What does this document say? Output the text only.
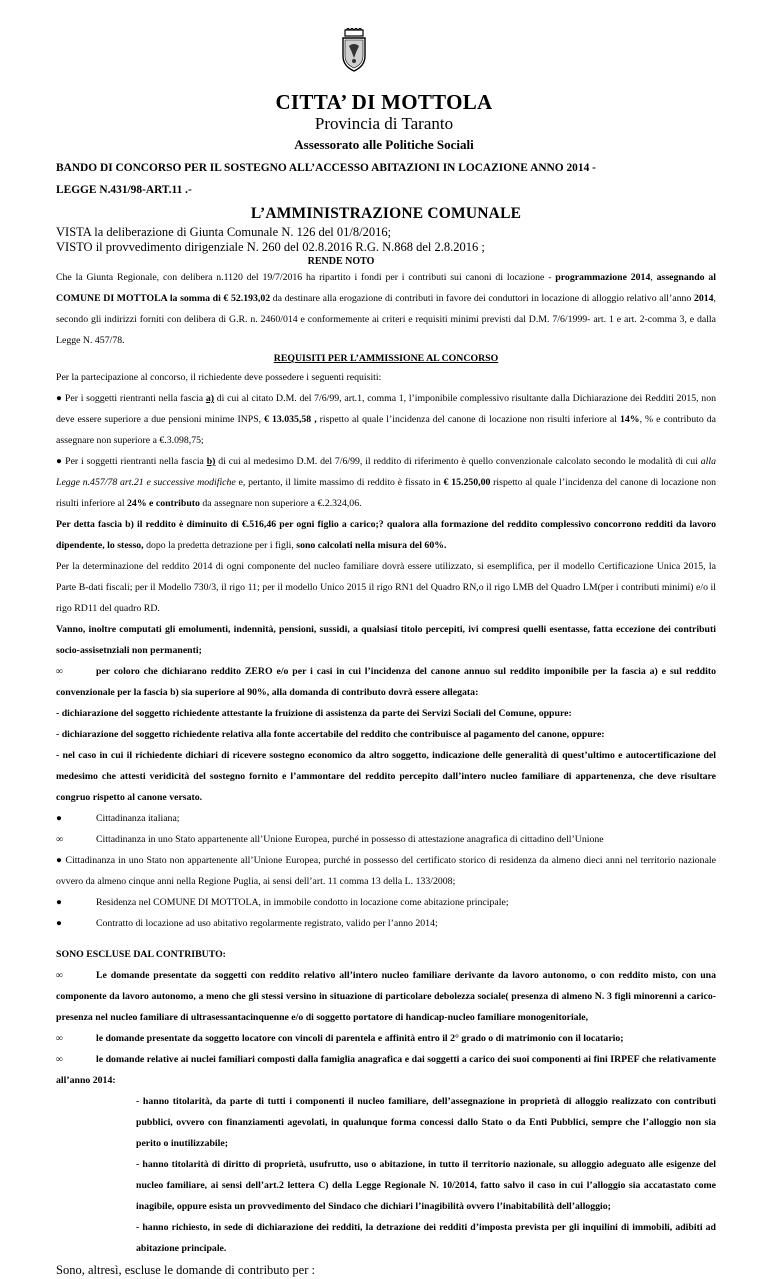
CITTA’ DI MOTTOLA
Provincia di Taranto
Assessorato alle Politiche Sociali

BANDO DI CONCORSO PER IL SOSTEGNO ALL’ACCESSO ABITAZIONI IN LOCAZIONE ANNO 2014 -

LEGGE N.431/98-ART.11 .-

L’AMMINISTRAZIONE COMUNALE

VISTA la deliberazione di Giunta Comunale N. 126 del 01/8/2016;

VISTO il provvedimento dirigenziale N. 260 del 02.8.2016 R.G. N.868 del 2.8.2016 ;

RENDE NOTO

Che la Giunta Regionale, con delibera n.1120 del 19/7/2016 ha ripartito i fondi per i contributi sui canoni di locazione - programmazione 2014, assegnando al COMUNE DI MOTTOLA la somma di € 52.193,02 da destinare alla erogazione di contributi in favore dei conduttori in locazione di alloggio relativo all’anno 2014, secondo gli indirizzi forniti con delibera di G.R. n. 2460/014 e conformemente ai criteri e requisiti minimi previsti dal D.M. 7/6/1999- art. 1 e art. 2-comma 3, e dalla Legge N. 457/78.

REQUISITI PER L’AMMISSIONE AL CONCORSO

Per la partecipazione al concorso, il richiedente deve possedere i seguenti requisiti:

● Per i soggetti rientranti nella fascia a) di cui al citato D.M. del 7/6/99, art.1, comma 1, l’imponibile complessivo risultante dalla Dichiarazione dei Redditi 2015, non deve essere superiore a due pensioni minime INPS, € 13.035,58 , rispetto al quale l’incidenza del canone di locazione non risulti inferiore al 14%, % e contributo da assegnare non superiore a €.3.098,75;

● Per i soggetti rientranti nella fascia b) di cui al medesimo D.M. del 7/6/99, il reddito di riferimento è quello convenzionale calcolato secondo le modalità di cui alla Legge n.457/78 art.21 e successive modifiche e, pertanto, il limite massimo di reddito è fissato in € 15.250,00 rispetto al quale l’incidenza del canone di locazione non risulti inferiore al 24% e contributo da assegnare non superiore a €.2.324,06.

Per detta fascia b) il reddito è diminuito di €.516,46 per ogni figlio a carico;? qualora alla formazione del reddito complessivo concorrono redditi da lavoro dipendente, lo stesso, dopo la predetta detrazione per i figli, sono calcolati nella misura del 60%.

Per la determinazione del reddito 2014 di ogni componente del nucleo familiare dovrà essere utilizzato, si esemplifica, per il modello Certificazione Unica 2015, la Parte B-dati fiscali; per il Modello 730/3, il rigo 11; per il modello Unico 2015 il rigo RN1 del Quadro RN,o il rigo LMB del Quadro LM(per i contributi minimi) e/o il rigo RD11 del quadro RD.

Vanno, inoltre computati gli emolumenti, indennità, pensioni, sussidi, a qualsiasi titolo percepiti, ivi compresi quelli esentasse, fatta eccezione dei contributi socio-assisetnziali non permanenti;

∞	per coloro che dichiarano reddito ZERO e/o per i casi in cui l’incidenza del canone annuo sul reddito imponibile per la fascia a) e sul reddito convenzionale per la fascia b) sia superiore al 90%, alla domanda di contributo dovrà essere allegata:

- dichiarazione del soggetto richiedente attestante la fruizione di assistenza da parte dei Servizi Sociali del Comune, oppure:

- dichiarazione del soggetto richiedente relativa alla fonte accertabile del reddito che contribuisce al pagamento del canone, oppure:

- nel caso in cui il richiedente dichiari di ricevere sostegno economico da altro soggetto, indicazione delle generalità di quest’ultimo e autocertificazione del medesimo che attesti veridicità del sostegno fornito e l’ammontare del reddito percepito dall’intero nucleo familiare di appartenenza, che deve risultare congruo rispetto al canone versato.

●	Cittadinanza italiana;

∞	Cittadinanza in uno Stato appartenente all’Unione Europea, purché in possesso di attestazione anagrafica di cittadino dell’Unione

● Cittadinanza in uno Stato non appartenente all’Unione Europea, purché in possesso del certificato storico di residenza da almeno dieci anni nel territorio nazionale ovvero da almeno cinque anni nella Regione Puglia, ai sensi dell’art. 11 comma 13 della L. 133/2008;

●	Residenza nel COMUNE DI MOTTOLA, in immobile condotto in locazione come abitazione principale;

●	Contratto di locazione ad uso abitativo regolarmente registrato, valido per l’anno 2014;

SONO ESCLUSE DAL CONTRIBUTO:

∞	Le domande presentate da soggetti con reddito relativo all’intero nucleo familiare derivante da lavoro autonomo, o con reddito misto, con una componente da lavoro autonomo, a meno che gli stessi versino in situazione di particolare debolezza sociale( presenza di almeno N. 3 figli minorenni a carico- presenza nel nucleo familiare di ultrasessantacinquenne e/o di soggetto portatore di handicap-nucleo familiare monogenitoriale,

∞	le domande presentate da soggetto locatore con vincoli di parentela e affinità entro il 2° grado o di matrimonio con il locatario;

∞	le domande relative ai nuclei familiari composti dalla famiglia anagrafica e dai soggetti a carico dei suoi componenti ai fini IRPEF che relativamente all’anno 2014:

- hanno titolarità, da parte di tutti i componenti il nucleo familiare, dell’assegnazione in proprietà di alloggio realizzato con contributi pubblici, ovvero con finanziamenti agevolati, in qualunque forma concessi dallo Stato o da Enti Pubblici, sempre che l’alloggio non sia perito o inutilizzabile;

- hanno titolarità di diritto di proprietà, usufrutto, uso o abitazione, in tutto il territorio nazionale, su alloggio adeguato alle esigenze del nucleo familiare, ai sensi dell’art.2 lettera C) della Legge Regionale N. 10/2014, fatto salvo il caso in cui l’alloggio sia accatastato come inagibile, oppure esista un provvedimento del Sindaco che dichiari l’inagibilità ovvero l’inabitabilità dell’alloggio;

- hanno richiesto, in sede di dichiarazione dei redditi, la detrazione dei redditi d’imposta prevista per gli inquilini di immobili, adibiti ad abitazione principale.

Sono, altresì, escluse le domande di contributo per :
